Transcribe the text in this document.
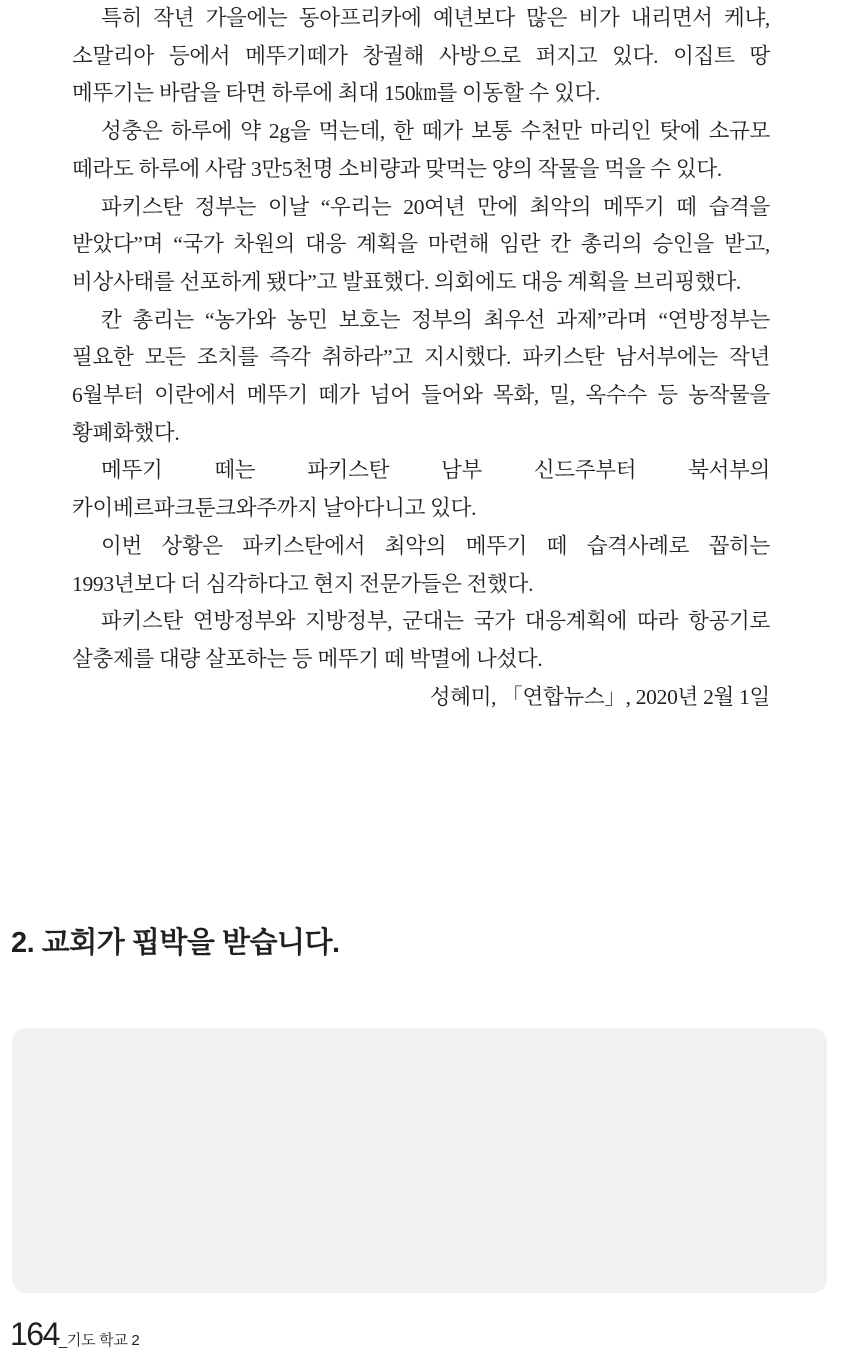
특히 작년 가을에는 동아프리카에 예년보다 많은 비가 내리면서 케냐, 소말리아 등에서 메뚜기떼가 창궐해 사방으로 퍼지고 있다. 이집트 땅 메뚜기는 바람을 타면 하루에 최대 150㎞를 이동할 수 있다.

성충은 하루에 약 2g을 먹는데, 한 떼가 보통 수천만 마리인 탓에 소규모 떼라도 하루에 사람 3만5천명 소비량과 맞먹는 양의 작물을 먹을 수 있다.

파키스탄 정부는 이날 “우리는 20여년 만에 최악의 메뚜기 떼 습격을 받았다”며 “국가 차원의 대응 계획을 마련해 임란 칸 총리의 승인을 받고, 비상사태를 선포하게 됐다”고 발표했다. 의회에도 대응 계획을 브리핑했다.

칸 총리는 “농가와 농민 보호는 정부의 최우선 과제”라며 “연방정부는 필요한 모든 조치를 즉각 취하라”고 지시했다. 파키스탄 남서부에는 작년 6월부터 이란에서 메뚜기 떼가 넘어 들어와 목화, 밀, 옥수수 등 농작물을 황폐화했다.

메뚜기 떼는 파키스탄 남부 신드주부터 북서부의 카이베르파크툰크와주까지 날아다니고 있다.

이번 상황은 파키스탄에서 최악의 메뚜기 떼 습격사례로 꼽히는 1993년보다 더 심각하다고 현지 전문가들은 전했다.

파키스탄 연방정부와 지방정부, 군대는 국가 대응계획에 따라 항공기로 살충제를 대량 살포하는 등 메뚜기 떼 박멸에 나섰다.

성혜미, 「연합뉴스」, 2020년 2월 1일

2. 교회가 핍박을 받습니다.
164_기도 학교 2
